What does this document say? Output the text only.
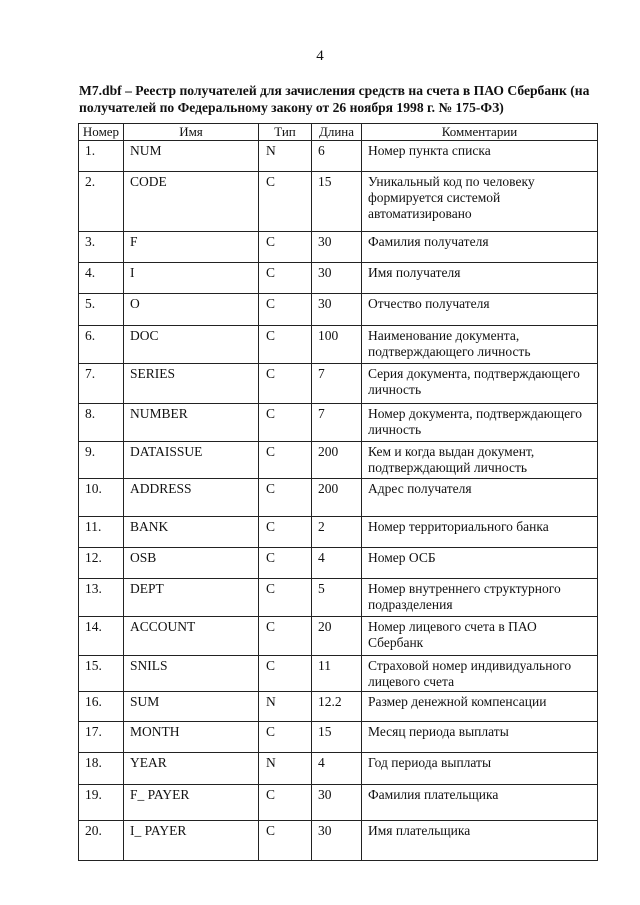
4
M7.dbf – Реестр получателей для зачисления средств на счета в ПАО Сбербанк (на получателей по Федеральному закону от 26 ноября 1998 г. № 175-ФЗ)
Номер	Имя	Тип	Длина	Комментарии
1.	NUM	N	6	Номер пункта списка
2.	CODE	C	15	Уникальный код по человеку формируется системой автоматизировано
3.	F	C	30	Фамилия получателя
4.	I	C	30	Имя получателя
5.	O	C	30	Отчество получателя
6.	DOC	C	100	Наименование документа, подтверждающего личность
7.	SERIES	C	7	Серия документа, подтверждающего личность
8.	NUMBER	C	7	Номер документа, подтверждающего личность
9.	DATAISSUE	C	200	Кем и когда выдан документ, подтверждающий личность
10.	ADDRESS	C	200	Адрес получателя
11.	BANK	C	2	Номер территориального банка
12.	OSB	C	4	Номер ОСБ
13.	DEPT	C	5	Номер внутреннего структурного подразделения
14.	ACCOUNT	C	20	Номер лицевого счета в ПАО Сбербанк
15.	SNILS	C	11	Страховой номер индивидуального лицевого счета
16.	SUM	N	12.2	Размер денежной компенсации
17.	MONTH	C	15	Месяц периода выплаты
18.	YEAR	N	4	Год периода выплаты
19.	F_ PAYER	C	30	Фамилия плательщика
20.	I_ PAYER	C	30	Имя плательщика
